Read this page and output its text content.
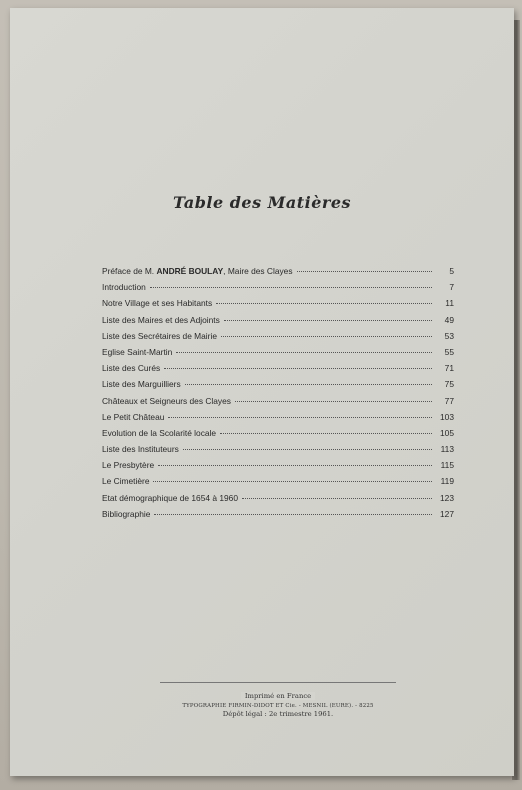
Table des Matières
Préface de M. ANDRÉ BOULAY, Maire des Clayes	5
Introduction	7
Notre Village et ses Habitants	11
Liste des Maires et des Adjoints	49
Liste des Secrétaires de Mairie	53
Eglise Saint-Martin	55
Liste des Curés	71
Liste des Marguilliers	75
Châteaux et Seigneurs des Clayes	77
Le Petit Château	103
Evolution de la Scolarité locale	105
Liste des Instituteurs	113
Le Presbytère	115
Le Cimetière	119
Etat démographique de 1654 à 1960	123
Bibliographie	127
Imprimé en France
TYPOGRAPHIE FIRMIN-DIDOT ET Cie. - MESNIL (EURE). - 8225
Dépôt légal : 2e trimestre 1961.
